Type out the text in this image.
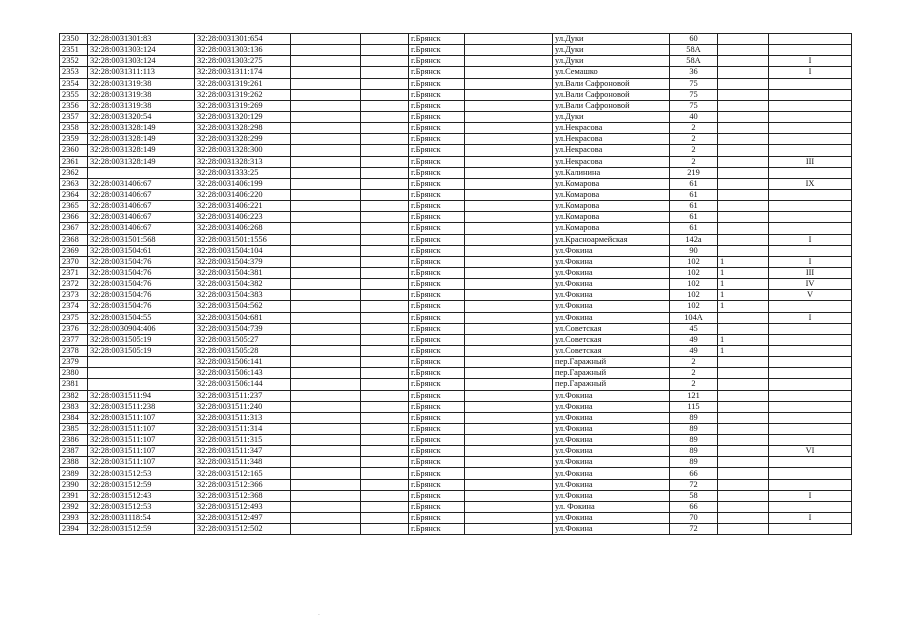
2350	32:28:0031301:83	32:28:0031301:654			г.Брянск		ул.Дуки	60		
2351	32:28:0031303:124	32:28:0031303:136			г.Брянск		ул.Дуки	58А		
2352	32:28:0031303:124	32:28:0031303:275			г.Брянск		ул.Дуки	58А		I
2353	32:28:0031311:113	32:28:0031311:174			г.Брянск		ул.Семашко	36		I
2354	32:28:0031319:38	32:28:0031319:261			г.Брянск		ул.Вали Сафроновой	75		
2355	32:28:0031319:38	32:28:0031319:262			г.Брянск		ул.Вали Сафроновой	75		
2356	32:28:0031319:38	32:28:0031319:269			г.Брянск		ул.Вали Сафроновой	75		
2357	32:28:0031320:54	32:28:0031320:129			г.Брянск		ул.Дуки	40		
2358	32:28:0031328:149	32:28:0031328:298			г.Брянск		ул.Некрасова	2		
2359	32:28:0031328:149	32:28:0031328:299			г.Брянск		ул.Некрасова	2		
2360	32:28:0031328:149	32:28:0031328:300			г.Брянск		ул.Некрасова	2		
2361	32:28:0031328:149	32:28:0031328:313			г.Брянск		ул.Некрасова	2		III
2362		32:28:0031333:25			г.Брянск		ул.Калинина	219		
2363	32:28:0031406:67	32:28:0031406:199			г.Брянск		ул.Комарова	61		IX
2364	32:28:0031406:67	32:28:0031406:220			г.Брянск		ул.Комарова	61		
2365	32:28:0031406:67	32:28:0031406:221			г.Брянск		ул.Комарова	61		
2366	32:28:0031406:67	32:28:0031406:223			г.Брянск		ул.Комарова	61		
2367	32:28:0031406:67	32:28:0031406:268			г.Брянск		ул.Комарова	61		
2368	32:28:0031501:568	32:28:0031501:1556			г.Брянск		ул.Красноармейская	142а		I
2369	32:28:0031504:61	32:28:0031504:104			г.Брянск		ул.Фокина	90		
2370	32:28:0031504:76	32:28:0031504:379			г.Брянск		ул.Фокина	102	1	I
2371	32:28:0031504:76	32:28:0031504:381			г.Брянск		ул.Фокина	102	1	III
2372	32:28:0031504:76	32:28:0031504:382			г.Брянск		ул.Фокина	102	1	IV
2373	32:28:0031504:76	32:28:0031504:383			г.Брянск		ул.Фокина	102	1	V
2374	32:28:0031504:76	32:28:0031504:562			г.Брянск		ул.Фокина	102	1	
2375	32:28:0031504:55	32:28:0031504:681			г.Брянск		ул.Фокина	104А		I
2376	32:28:0030904:406	32:28:0031504:739			г.Брянск		ул.Советская	45		
2377	32:28:0031505:19	32:28:0031505:27			г.Брянск		ул.Советская	49	1	
2378	32:28:0031505:19	32:28:0031505:28			г.Брянск		ул.Советская	49	1	
2379		32:28:0031506:141			г.Брянск		пер.Гаражный	2		
2380		32:28:0031506:143			г.Брянск		пер.Гаражный	2		
2381		32:28:0031506:144			г.Брянск		пер.Гаражный	2		
2382	32:28:0031511:94	32:28:0031511:237			г.Брянск		ул.Фокина	121		
2383	32:28:0031511:238	32:28:0031511:240			г.Брянск		ул.Фокина	115		
2384	32:28:0031511:107	32:28:0031511:313			г.Брянск		ул.Фокина	89		
2385	32:28:0031511:107	32:28:0031511:314			г.Брянск		ул.Фокина	89		
2386	32:28:0031511:107	32:28:0031511:315			г.Брянск		ул.Фокина	89		
2387	32:28:0031511:107	32:28:0031511:347			г.Брянск		ул.Фокина	89		VI
2388	32:28:0031511:107	32:28:0031511:348			г.Брянск		ул.Фокина	89		
2389	32:28:0031512:53	32:28:0031512:165			г.Брянск		ул.Фокина	66		
2390	32:28:0031512:59	32:28:0031512:366			г.Брянск		ул.Фокина	72		
2391	32:28:0031512:43	32:28:0031512:368			г.Брянск		ул.Фокина	58		I
2392	32:28:0031512:53	32:28:0031512:493			г.Брянск		ул. Фокина	66		
2393	32:28:0031118:54	32:28:0031512:497			г.Брянск		ул.Фокина	70		I
2394	32:28:0031512:59	32:28:0031512:502			г.Брянск		ул.Фокина	72		
·
